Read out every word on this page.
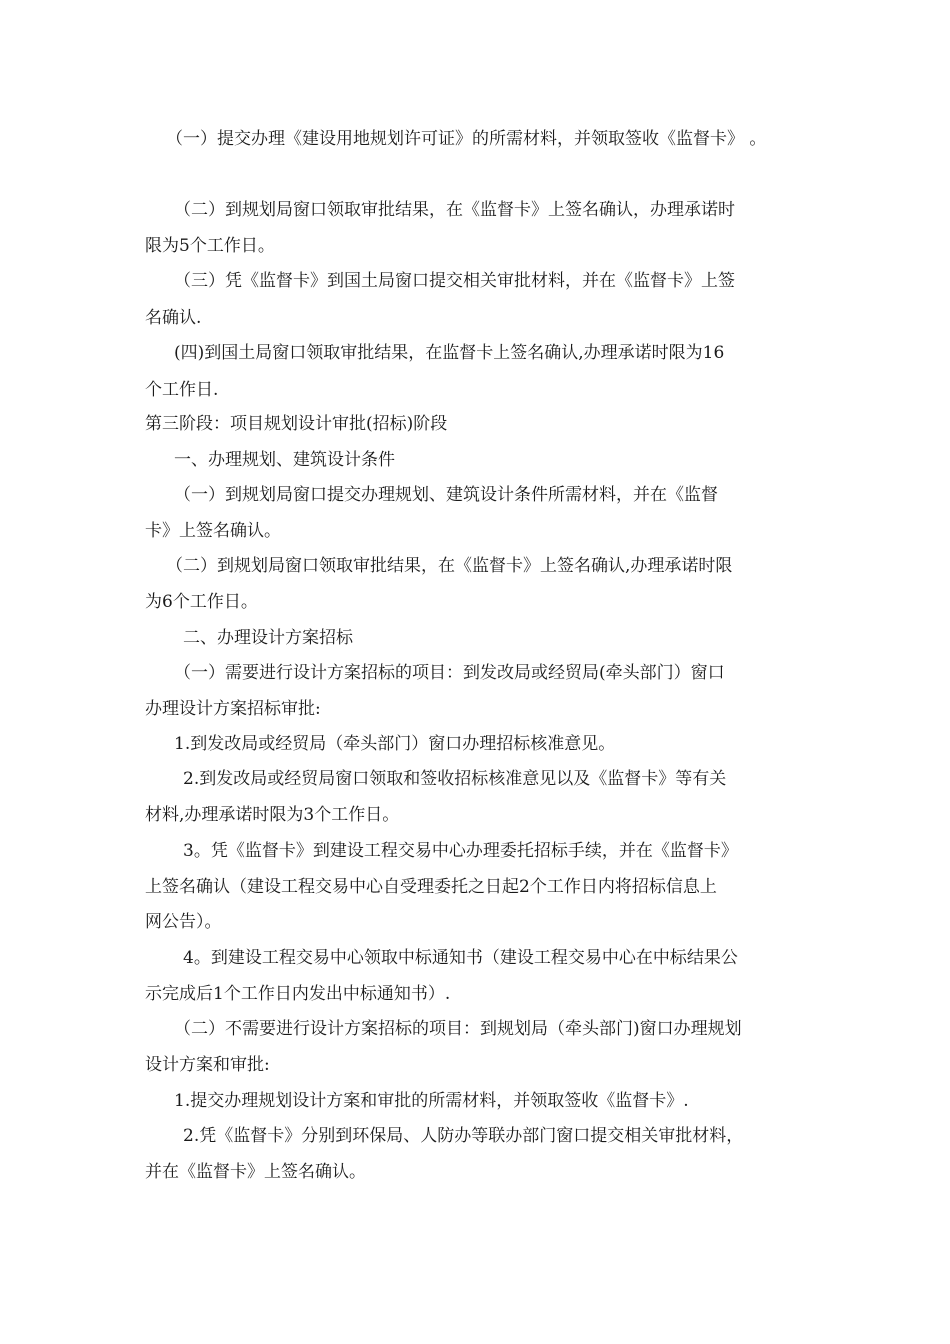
（一）提交办理《建设用地规划许可证》的所需材料，并领取签收《监督卡》 。
（二）到规划局窗口领取审批结果，在《监督卡》上签名确认，办理承诺时
限为5个工作日。
（三）凭《监督卡》到国土局窗口提交相关审批材料，并在《监督卡》上签
名确认.
(四)到国土局窗口领取审批结果，在监督卡上签名确认,办理承诺时限为16
个工作日.
第三阶段：项目规划设计审批(招标)阶段
一、办理规划、建筑设计条件
（一）到规划局窗口提交办理规划、建筑设计条件所需材料，并在《监督
卡》上签名确认。
（二）到规划局窗口领取审批结果，在《监督卡》上签名确认,办理承诺时限
为6个工作日。
二、办理设计方案招标
（一）需要进行设计方案招标的项目：到发改局或经贸局(牵头部门）窗口
办理设计方案招标审批:
1.到发改局或经贸局（牵头部门）窗口办理招标核准意见。
2.到发改局或经贸局窗口领取和签收招标核准意见以及《监督卡》等有关
材料,办理承诺时限为3个工作日。
3。凭《监督卡》到建设工程交易中心办理委托招标手续，并在《监督卡》
上签名确认（建设工程交易中心自受理委托之日起2个工作日内将招标信息上
网公告）。
4。到建设工程交易中心领取中标通知书（建设工程交易中心在中标结果公
示完成后1个工作日内发出中标通知书）.
（二）不需要进行设计方案招标的项目：到规划局（牵头部门)窗口办理规划
设计方案和审批:
1.提交办理规划设计方案和审批的所需材料，并领取签收《监督卡》.
2.凭《监督卡》分别到环保局、人防办等联办部门窗口提交相关审批材料，
并在《监督卡》上签名确认。
